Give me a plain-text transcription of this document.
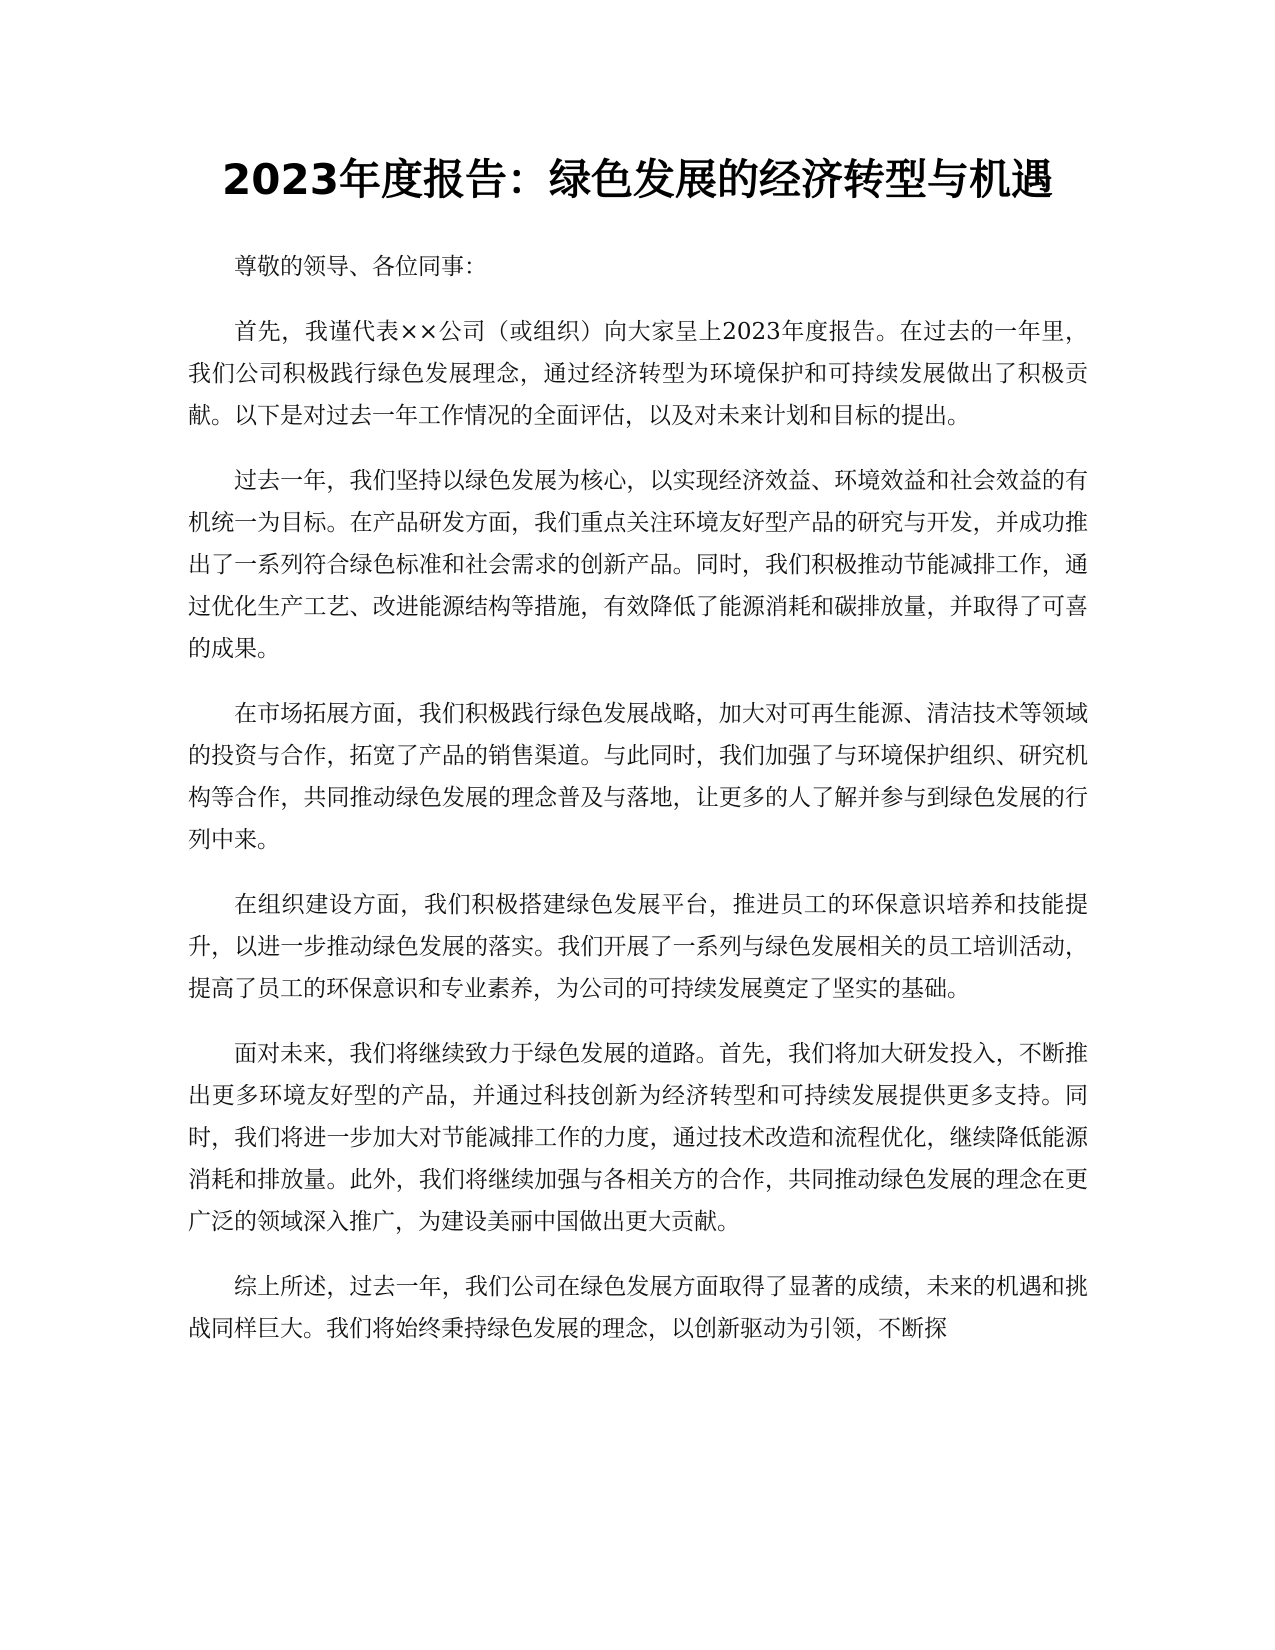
2023年度报告：绿色发展的经济转型与机遇

尊敬的领导、各位同事：

首先，我谨代表××公司（或组织）向大家呈上2023年度报告。在过去的一年里，我们公司积极践行绿色发展理念，通过经济转型为环境保护和可持续发展做出了积极贡献。以下是对过去一年工作情况的全面评估，以及对未来计划和目标的提出。

过去一年，我们坚持以绿色发展为核心，以实现经济效益、环境效益和社会效益的有机统一为目标。在产品研发方面，我们重点关注环境友好型产品的研究与开发，并成功推出了一系列符合绿色标准和社会需求的创新产品。同时，我们积极推动节能减排工作，通过优化生产工艺、改进能源结构等措施，有效降低了能源消耗和碳排放量，并取得了可喜的成果。

在市场拓展方面，我们积极践行绿色发展战略，加大对可再生能源、清洁技术等领域的投资与合作，拓宽了产品的销售渠道。与此同时，我们加强了与环境保护组织、研究机构等合作，共同推动绿色发展的理念普及与落地，让更多的人了解并参与到绿色发展的行列中来。

在组织建设方面，我们积极搭建绿色发展平台，推进员工的环保意识培养和技能提升，以进一步推动绿色发展的落实。我们开展了一系列与绿色发展相关的员工培训活动，提高了员工的环保意识和专业素养，为公司的可持续发展奠定了坚实的基础。

面对未来，我们将继续致力于绿色发展的道路。首先，我们将加大研发投入，不断推出更多环境友好型的产品，并通过科技创新为经济转型和可持续发展提供更多支持。同时，我们将进一步加大对节能减排工作的力度，通过技术改造和流程优化，继续降低能源消耗和排放量。此外，我们将继续加强与各相关方的合作，共同推动绿色发展的理念在更广泛的领域深入推广，为建设美丽中国做出更大贡献。

综上所述，过去一年，我们公司在绿色发展方面取得了显著的成绩，未来的机遇和挑战同样巨大。我们将始终秉持绿色发展的理念，以创新驱动为引领，不断探
